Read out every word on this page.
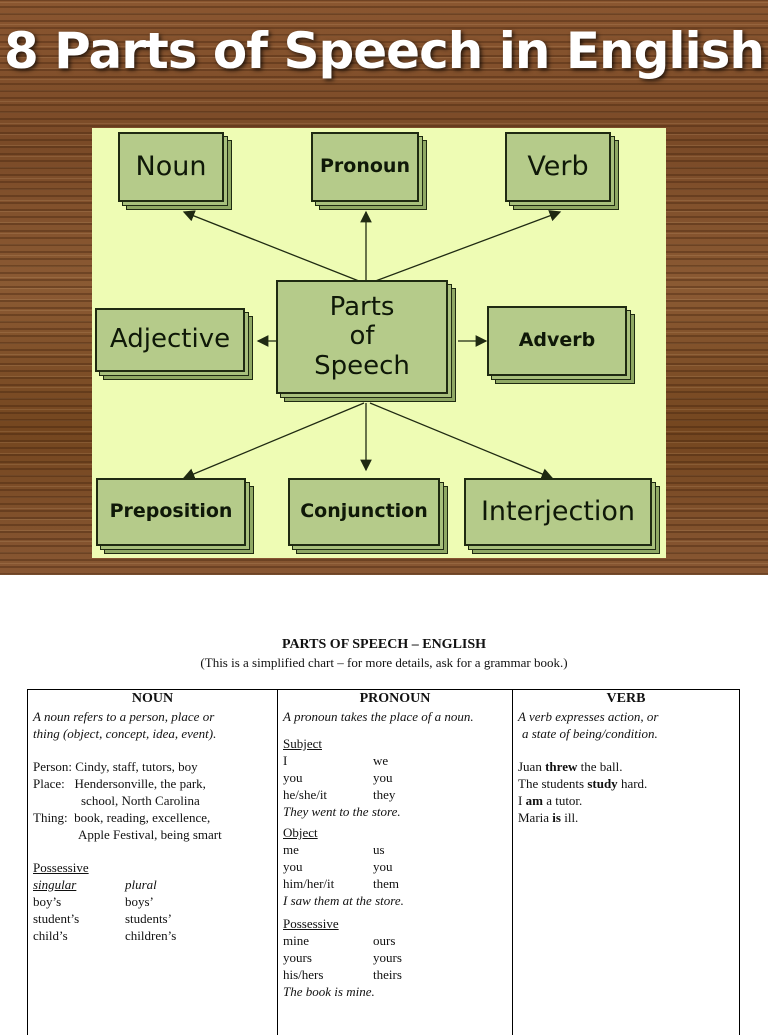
8 Parts of Speech in English
Noun	Pronoun	Verb
Adjective
Parts
of
Speech
Adverb
Preposition	Conjunction Interjection
PARTS OF SPEECH – ENGLISH
(This is a simplified chart – for more details, ask for a grammar book.)
NOUN
A noun refers to a person, place or
thing (object, concept, idea, event).
Person: Cindy, staff, tutors, boy
Place:   Hendersonville, the park,
school, North Carolina
Thing:  book, reading, excellence,
Apple Festival, being smart
Possessive
singular	plural
boy’s	boys’
student’s	students’
child’s	children’s
PRONOUN
A pronoun takes the place of a noun.
Subject
I	we
you	you
he/she/it	they
They went to the store.
Object
me	us
you	you
him/her/it	them
I saw them at the store.
Possessive
mine	ours
yours	yours
his/hers	theirs
The book is mine.
VERB
A verb expresses action, or
a state of being/condition.
Juan threw the ball.
The students study hard.
I am a tutor.
Maria is ill.
